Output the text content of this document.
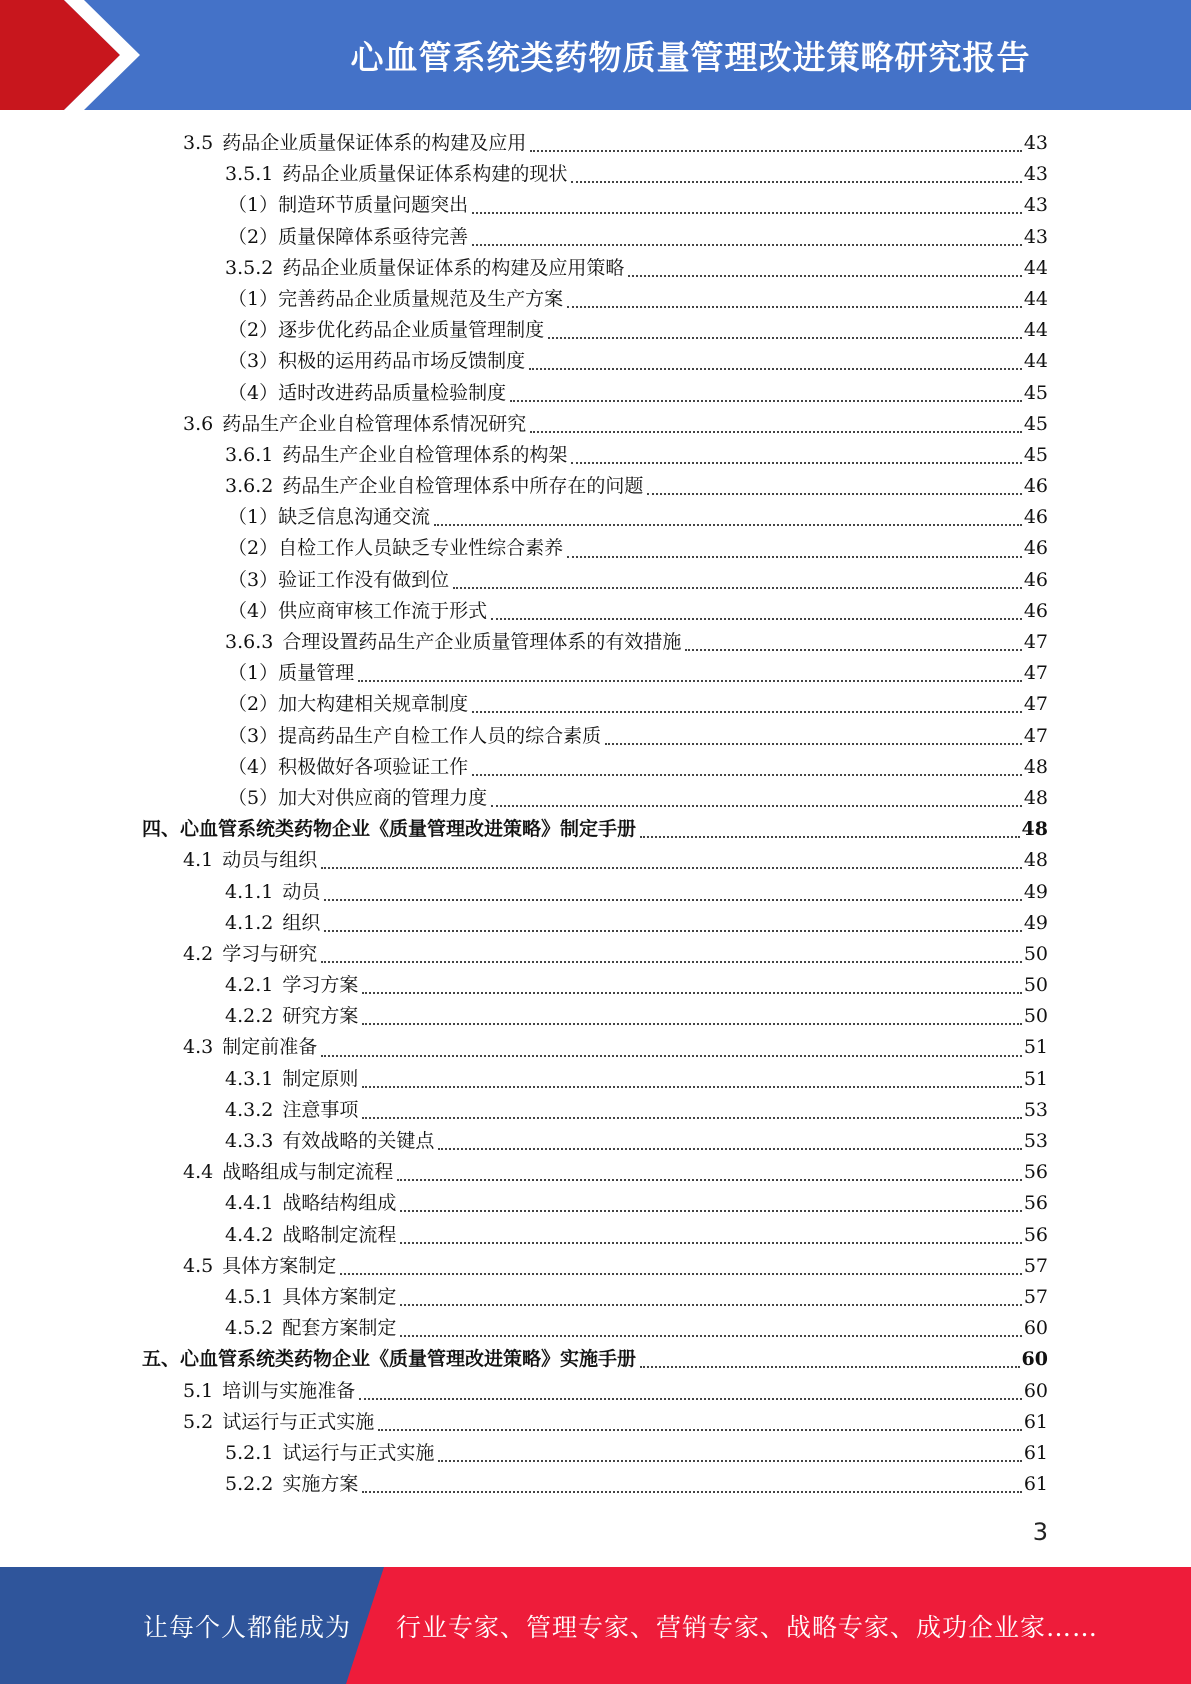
心血管系统类药物质量管理改进策略研究报告
3.5 药品企业质量保证体系的构建及应用	43
3.5.1 药品企业质量保证体系构建的现状	43
（1） 制造环节质量问题突出	43
（2） 质量保障体系亟待完善	43
3.5.2 药品企业质量保证体系的构建及应用策略	44
（1） 完善药品企业质量规范及生产方案	44
（2） 逐步优化药品企业质量管理制度	44
（3） 积极的运用药品市场反馈制度	44
（4） 适时改进药品质量检验制度	45
3.6 药品生产企业自检管理体系情况研究	45
3.6.1 药品生产企业自检管理体系的构架	45
3.6.2 药品生产企业自检管理体系中所存在的问题	46
（1） 缺乏信息沟通交流	46
（2） 自检工作人员缺乏专业性综合素养	46
（3） 验证工作没有做到位	46
（4） 供应商审核工作流于形式	46
3.6.3 合理设置药品生产企业质量管理体系的有效措施	47
（1） 质量管理	47
（2） 加大构建相关规章制度	47
（3） 提高药品生产自检工作人员的综合素质	47
（4） 积极做好各项验证工作	48
（5） 加大对供应商的管理力度	48
四、 心血管系统类药物企业《质量管理改进策略》制定手册	48
4.1 动员与组织	48
4.1.1 动员	49
4.1.2 组织	49
4.2 学习与研究	50
4.2.1 学习方案	50
4.2.2 研究方案	50
4.3 制定前准备	51
4.3.1 制定原则	51
4.3.2 注意事项	53
4.3.3 有效战略的关键点	53
4.4 战略组成与制定流程	56
4.4.1 战略结构组成	56
4.4.2 战略制定流程	56
4.5 具体方案制定	57
4.5.1 具体方案制定	57
4.5.2 配套方案制定	60
五、 心血管系统类药物企业《质量管理改进策略》实施手册	60
5.1 培训与实施准备	60
5.2 试运行与正式实施	61
5.2.1 试运行与正式实施	61
5.2.2 实施方案	61
3
让每个人都能成为 行业专家、管理专家、营销专家、战略专家、成功企业家……
